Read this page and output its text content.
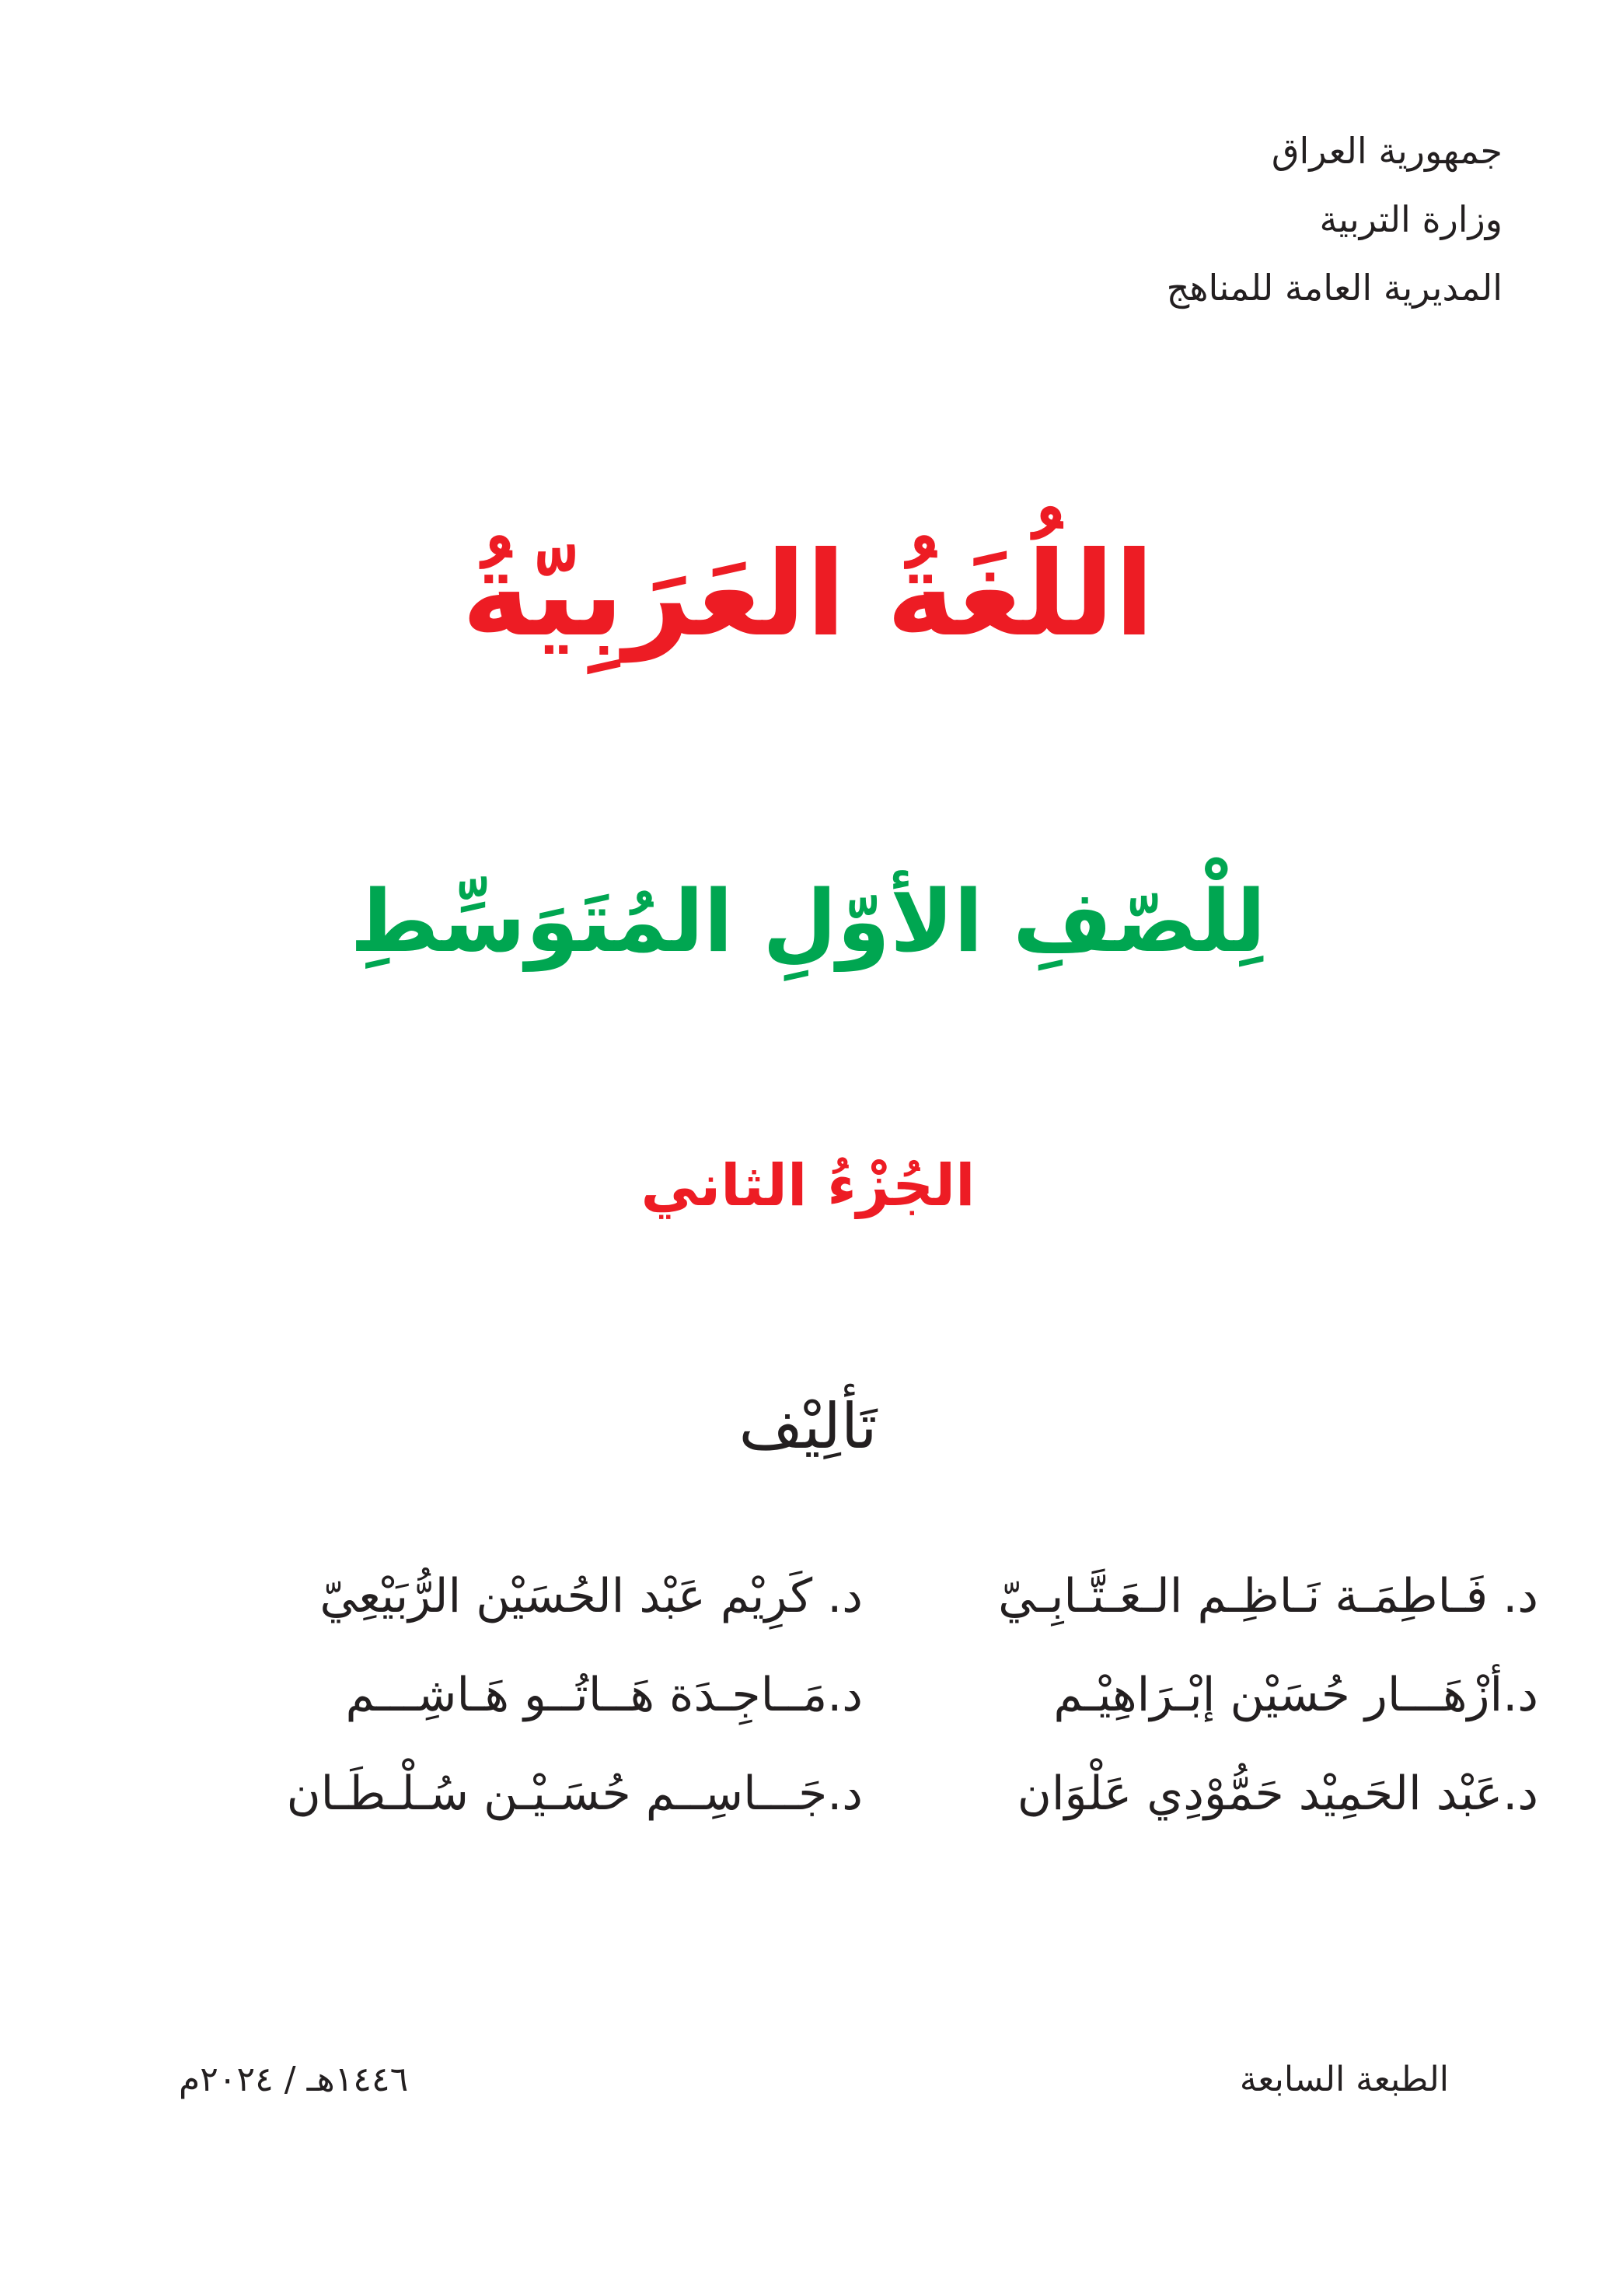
جمهورية العراق
وزارة التربية
المديرية العامة للمناهج
اللُغَةُ العَرَبِيّةُ
لِلْصّفِ الأوّلِ المُتَوَسِّطِ
الجُزْءُ الثاني
تَألِيْف
د. فَـاطِمَـة نَـاظِـم الـعَـتَّـابِـيّ
د.أزْهَـــار حُسَيْن إبْـرَاهِيْـم
د.عَبْد الحَمِيْد حَمُّوْدِي عَلْوَان
د. كَرِيْم عَبْد الحُسَيْن الرُّبَيْعِيّ
د.مَــاجِـدَة هَــاتُــو هَـاشِـــم
د.جَـــاسِــم حُسَـيْـن سُـلْـطَـان
الطبعة السابعة
١٤٤٦هـ / ٢٠٢٤م
